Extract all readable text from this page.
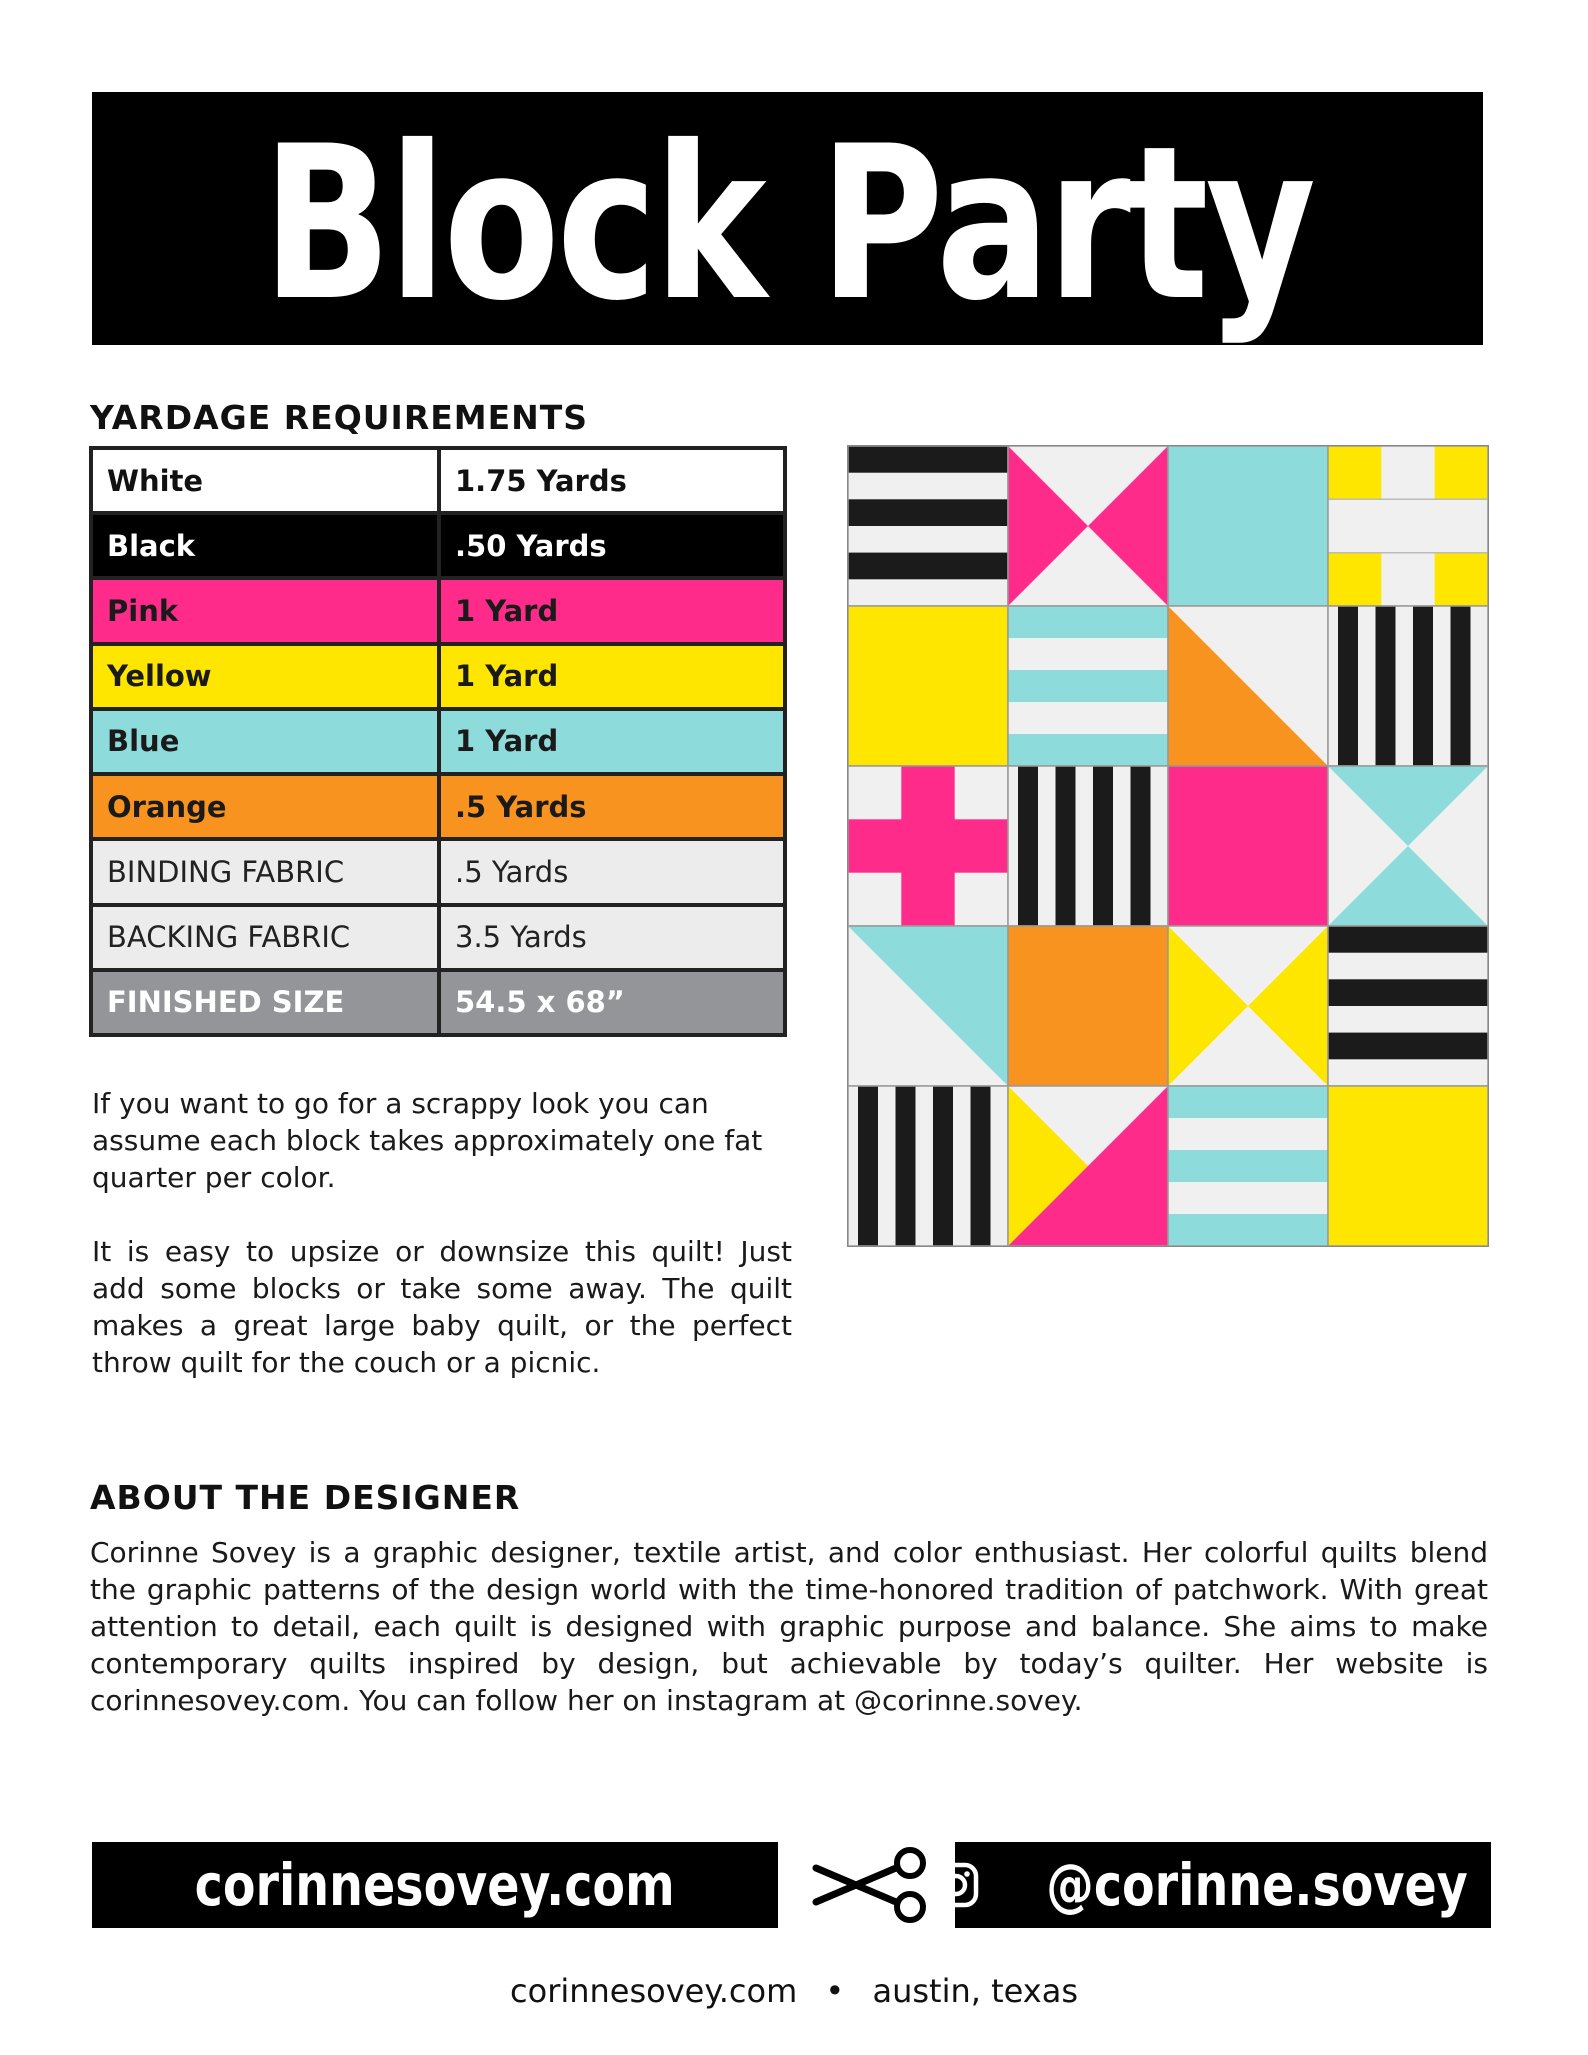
Block Party
YARDAGE REQUIREMENTS
White	1.75 Yards
Black	.50 Yards
Pink	1 Yard
Yellow	1 Yard
Blue	1 Yard
Orange	.5 Yards
BINDING FABRIC	.5 Yards
BACKING FABRIC	3.5 Yards
FINISHED SIZE	54.5 x 68”

If you want to go for a scrappy look you can assume each block takes approximately one fat quarter per color.

It is easy to upsize or downsize this quilt! Just add some blocks or take some away. The quilt makes a great large baby quilt, or the perfect throw quilt for the couch or a picnic.

ABOUT THE DESIGNER

Corinne Sovey is a graphic designer, textile artist, and color enthusiast. Her colorful quilts blend the graphic patterns of the design world with the time-honored tradition of patchwork. With great attention to detail, each quilt is designed with graphic purpose and balance. She aims to make contemporary quilts inspired by design, but achievable by today’s quilter. Her website is corinnesovey.com. You can follow her on instagram at @corinne.sovey.

corinnesovey.com	@corinne.sovey
corinnesovey.com • austin, texas
